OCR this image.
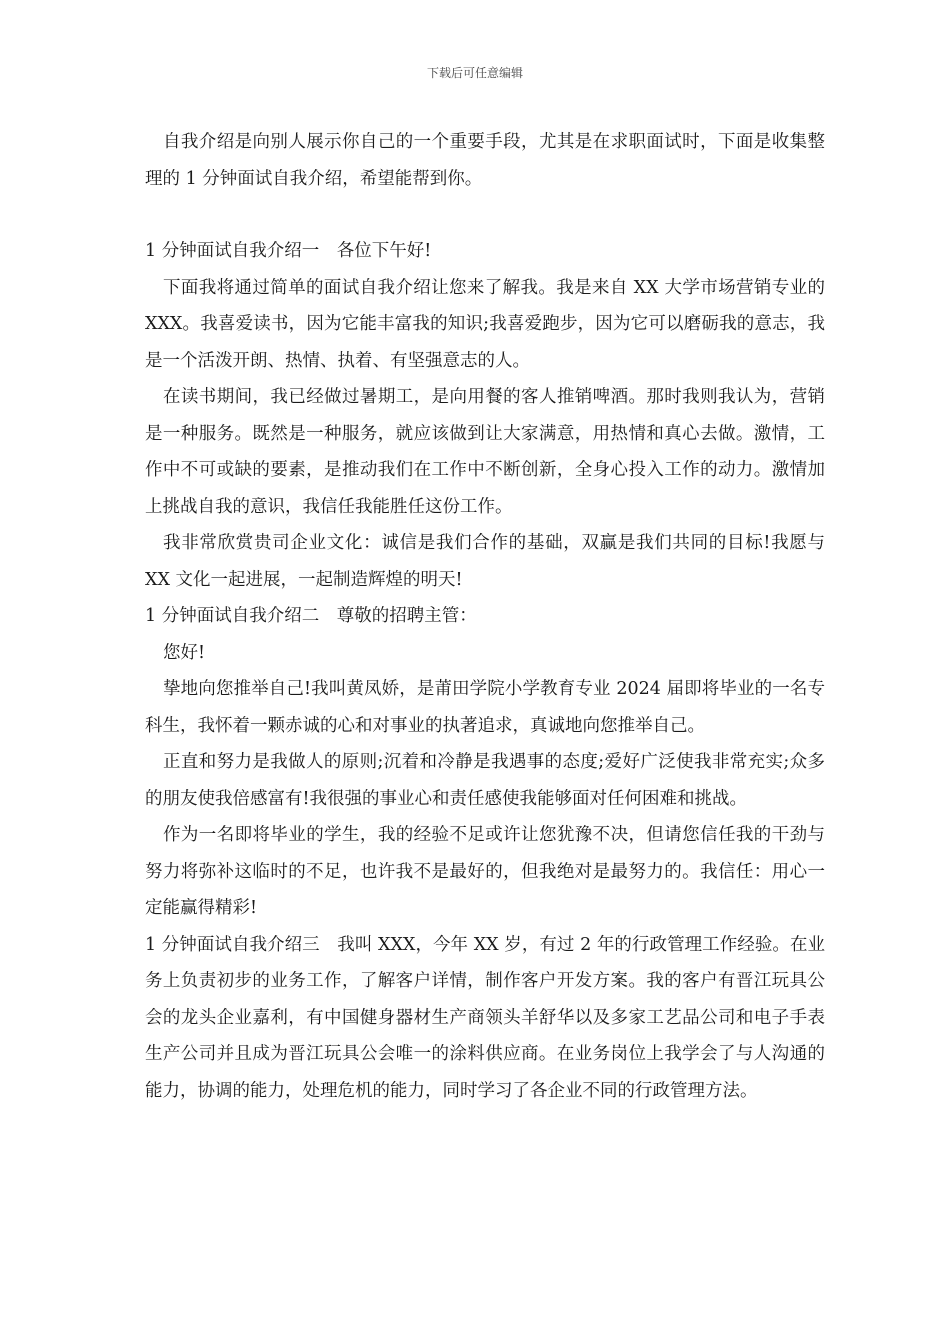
下载后可任意编辑

自我介绍是向别人展示你自己的一个重要手段，尤其是在求职面试时，下面是收集整理的 1 分钟面试自我介绍，希望能帮到你。

1 分钟面试自我介绍一　各位下午好!

下面我将通过简单的面试自我介绍让您来了解我。我是来自 XX 大学市场营销专业的 XXX。我喜爱读书，因为它能丰富我的知识;我喜爱跑步，因为它可以磨砺我的意志，我是一个活泼开朗、热情、执着、有坚强意志的人。

在读书期间，我已经做过暑期工，是向用餐的客人推销啤酒。那时我则我认为，营销是一种服务。既然是一种服务，就应该做到让大家满意，用热情和真心去做。激情，工作中不可或缺的要素，是推动我们在工作中不断创新，全身心投入工作的动力。激情加上挑战自我的意识，我信任我能胜任这份工作。

我非常欣赏贵司企业文化：诚信是我们合作的基础，双赢是我们共同的目标!我愿与 XX 文化一起进展，一起制造辉煌的明天!

1 分钟面试自我介绍二　尊敬的招聘主管：

您好!

挚地向您推举自己!我叫黄凤娇，是莆田学院小学教育专业 2024 届即将毕业的一名专科生，我怀着一颗赤诚的心和对事业的执著追求，真诚地向您推举自己。

正直和努力是我做人的原则;沉着和冷静是我遇事的态度;爱好广泛使我非常充实;众多的朋友使我倍感富有!我很强的事业心和责任感使我能够面对任何困难和挑战。

作为一名即将毕业的学生，我的经验不足或许让您犹豫不决，但请您信任我的干劲与努力将弥补这临时的不足，也许我不是最好的，但我绝对是最努力的。我信任：用心一定能赢得精彩!

1 分钟面试自我介绍三　我叫 XXX，今年 XX 岁，有过 2 年的行政管理工作经验。在业务上负责初步的业务工作，了解客户详情，制作客户开发方案。我的客户有晋江玩具公会的龙头企业嘉利，有中国健身器材生产商领头羊舒华以及多家工艺品公司和电子手表生产公司并且成为晋江玩具公会唯一的涂料供应商。在业务岗位上我学会了与人沟通的能力，协调的能力，处理危机的能力，同时学习了各企业不同的行政管理方法。
